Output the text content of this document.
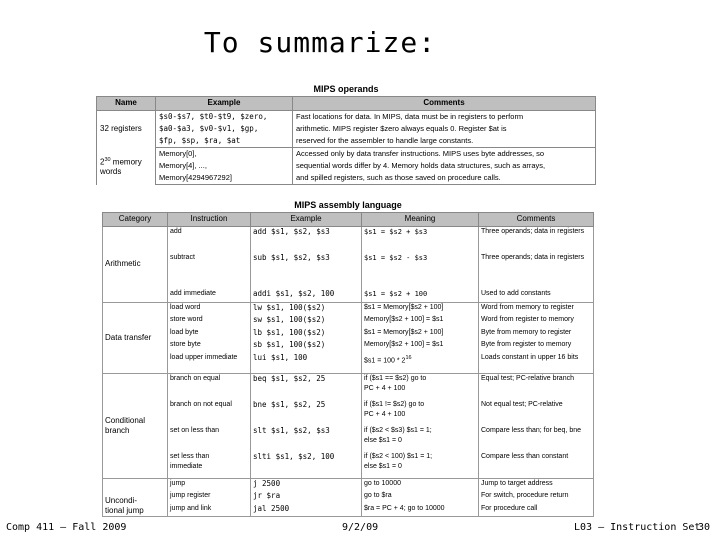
To summarize:
MIPS operands
Name	Example	Comments
32 registers	$s0-$s7, $t0-$t9, $zero,	Fast locations for data. In MIPS, data must be in registers to perform
	$a0-$a3, $v0-$v1, $gp,	arithmetic. MIPS register $zero always equals 0. Register $at is
	$fp, $sp, $ra, $at	reserved for the assembler to handle large constants.
$2^{30}$ memory
words	Memory[0],	Accessed only by data transfer instructions. MIPS uses byte addresses, so
	Memory[4], ...,	sequential words differ by 4. Memory holds data structures, such as arrays,
	Memory[4294967292]	and spilled registers, such as those saved on procedure calls.
MIPS assembly language
Category	Instruction	Example	Meaning	Comments
Arithmetic	add	add $s1, $s2, $s3	$s1 = $s2 + $s3	Three operands; data in registers
	subtract	sub $s1, $s2, $s3	$s1 = $s2 - $s3	Three operands; data in registers
	add immediate	addi $s1, $s2, 100	$s1 = $s2 + 100	Used to add constants
Data transfer	load word	lw $s1, 100($s2)	$s1 = Memory[$s2 + 100]	Word from memory to register
	store word	sw $s1, 100($s2)	Memory[$s2 + 100] = $s1	Word from register to memory
	load byte	lb $s1, 100($s2)	$s1 = Memory[$s2 + 100]	Byte from memory to register
	store byte	sb $s1, 100($s2)	Memory[$s2 + 100] = $s1	Byte from register to memory
	load upper immediate	lui $s1, 100	$s1 = $100 * 2^{16}$	Loads constant in upper 16 bits
Conditional
branch	branch on equal	beq $s1, $s2, 25	if ($s1 == $s2) go to
PC + 4 + 100	Equal test; PC-relative branch
	branch on not equal	bne $s1, $s2, 25	if ($s1 != $s2) go to
PC + 4 + 100	Not equal test; PC-relative
	set on less than	slt $s1, $s2, $s3	if ($s2 < $s3) $s1 = 1;
else $s1 = 0	Compare less than; for beq, bne
	set less than
immediate	slti $s1, $s2, 100	if ($s2 < 100) $s1 = 1;
else $s1 = 0	Compare less than constant
Uncondi-
tional jump	jump	j 2500	go to 10000	Jump to target address
	jump register	jr $ra	go to $ra	For switch, procedure return
	jump and link	jal 2500	$ra = PC + 4; go to 10000	For procedure call
Comp 411 – Fall 2009	9/2/09	L03 – Instruction Set
30
